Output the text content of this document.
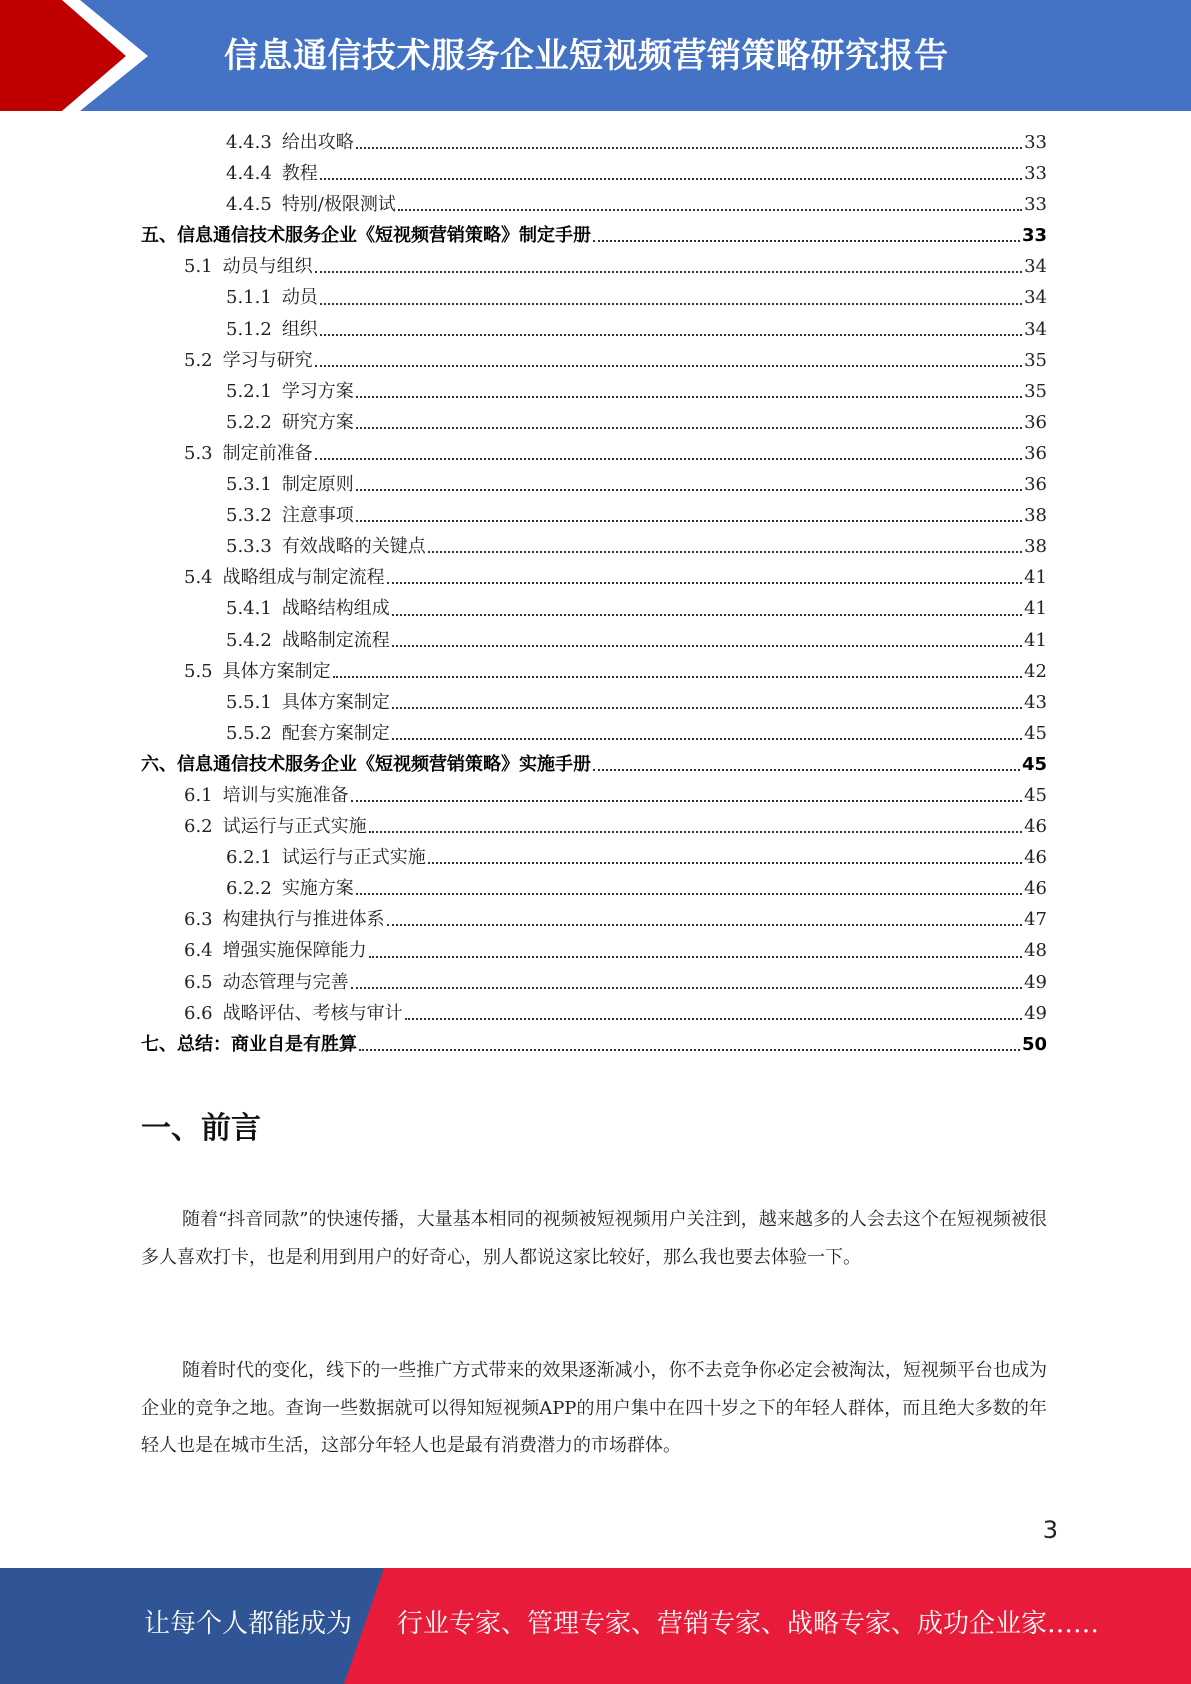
信息通信技术服务企业短视频营销策略研究报告
4.4.3 给出攻略	33
4.4.4 教程	33
4.4.5 特别/极限测试	33
五、 信息通信技术服务企业《短视频营销策略》制定手册	33
5.1 动员与组织	34
5.1.1 动员	34
5.1.2 组织	34
5.2 学习与研究	35
5.2.1 学习方案	35
5.2.2 研究方案	36
5.3 制定前准备	36
5.3.1 制定原则	36
5.3.2 注意事项	38
5.3.3 有效战略的关键点	38
5.4 战略组成与制定流程	41
5.4.1 战略结构组成	41
5.4.2 战略制定流程	41
5.5 具体方案制定	42
5.5.1 具体方案制定	43
5.5.2 配套方案制定	45
六、 信息通信技术服务企业《短视频营销策略》实施手册	45
6.1 培训与实施准备	45
6.2 试运行与正式实施	46
6.2.1 试运行与正式实施	46
6.2.2 实施方案	46
6.3 构建执行与推进体系	47
6.4 增强实施保障能力	48
6.5 动态管理与完善	49
6.6 战略评估、考核与审计	49
七、 总结：商业自是有胜算	50
一、前言

随着“抖音同款”的快速传播，大量基本相同的视频被短视频用户关注到，越来越多的人会去这个在短视频被很多人喜欢打卡，也是利用到用户的好奇心，别人都说这家比较好，那么我也要去体验一下。

随着时代的变化，线下的一些推广方式带来的效果逐渐减小，你不去竞争你必定会被淘汰，短视频平台也成为企业的竞争之地。查询一些数据就可以得知短视频APP的用户集中在四十岁之下的年轻人群体，而且绝大多数的年轻人也是在城市生活，这部分年轻人也是最有消费潜力的市场群体。

3
让每个人都能成为 行业专家、管理专家、营销专家、战略专家、成功企业家……
